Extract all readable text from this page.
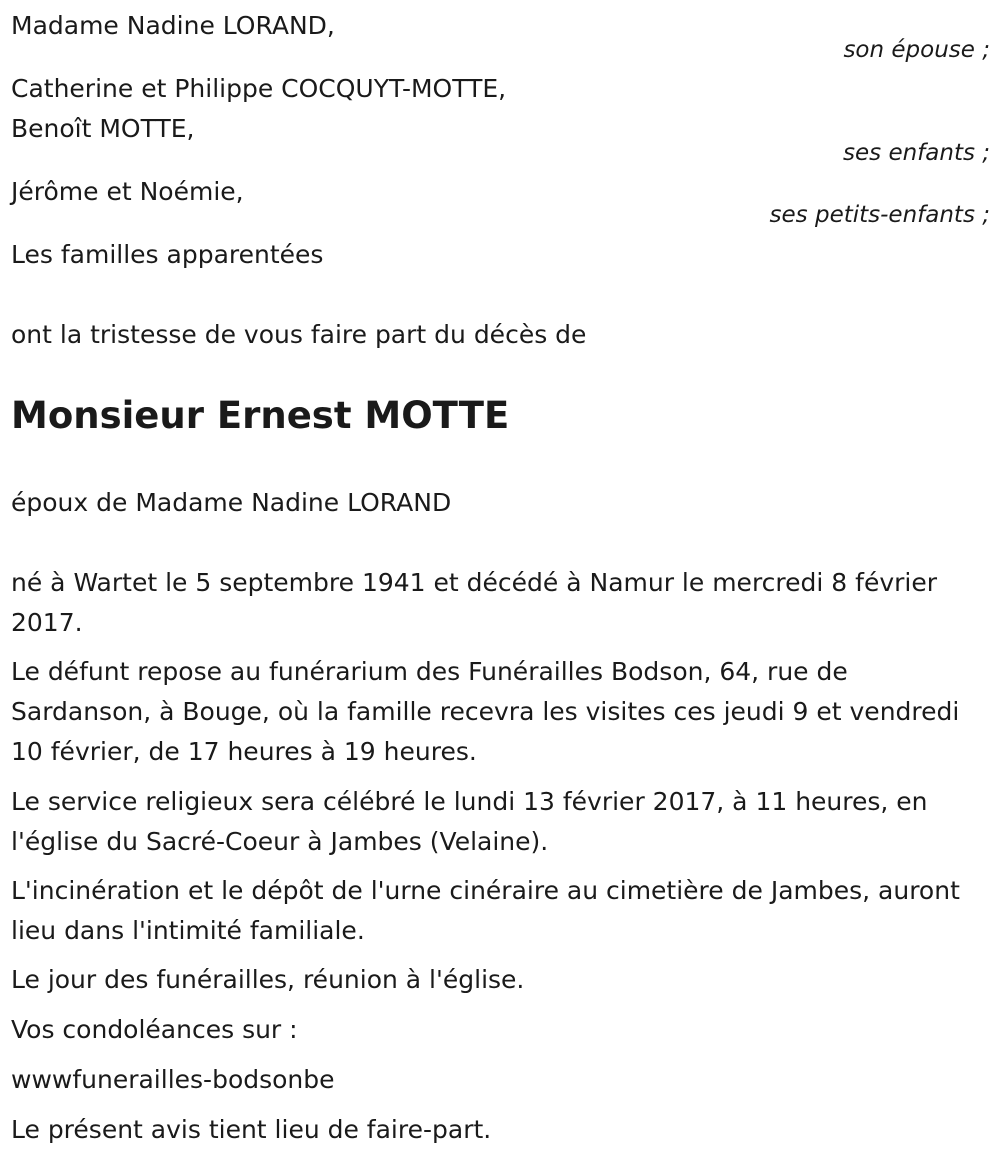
Madame Nadine LORAND,
son épouse ;
Catherine et Philippe COCQUYT-MOTTE,
Benoît MOTTE,
ses enfants ;
Jérôme et Noémie,
ses petits-enfants ;
Les familles apparentées
ont la tristesse de vous faire part du décès de
Monsieur Ernest MOTTE
époux de Madame Nadine LORAND
né à Wartet le 5 septembre 1941 et décédé à Namur le mercredi 8 février 2017.
Le défunt repose au funérarium des Funérailles Bodson, 64, rue de Sardanson, à Bouge, où la famille recevra les visites ces jeudi 9 et vendredi 10 février, de 17 heures à 19 heures.
Le service religieux sera célébré le lundi 13 février 2017, à 11 heures, en l'église du Sacré-Coeur à Jambes (Velaine).
L'incinération et le dépôt de l'urne cinéraire au cimetière de Jambes, auront lieu dans l'intimité familiale.
Le jour des funérailles, réunion à l'église.
Vos condoléances sur :
wwwfunerailles-bodsonbe
Le présent avis tient lieu de faire-part.
